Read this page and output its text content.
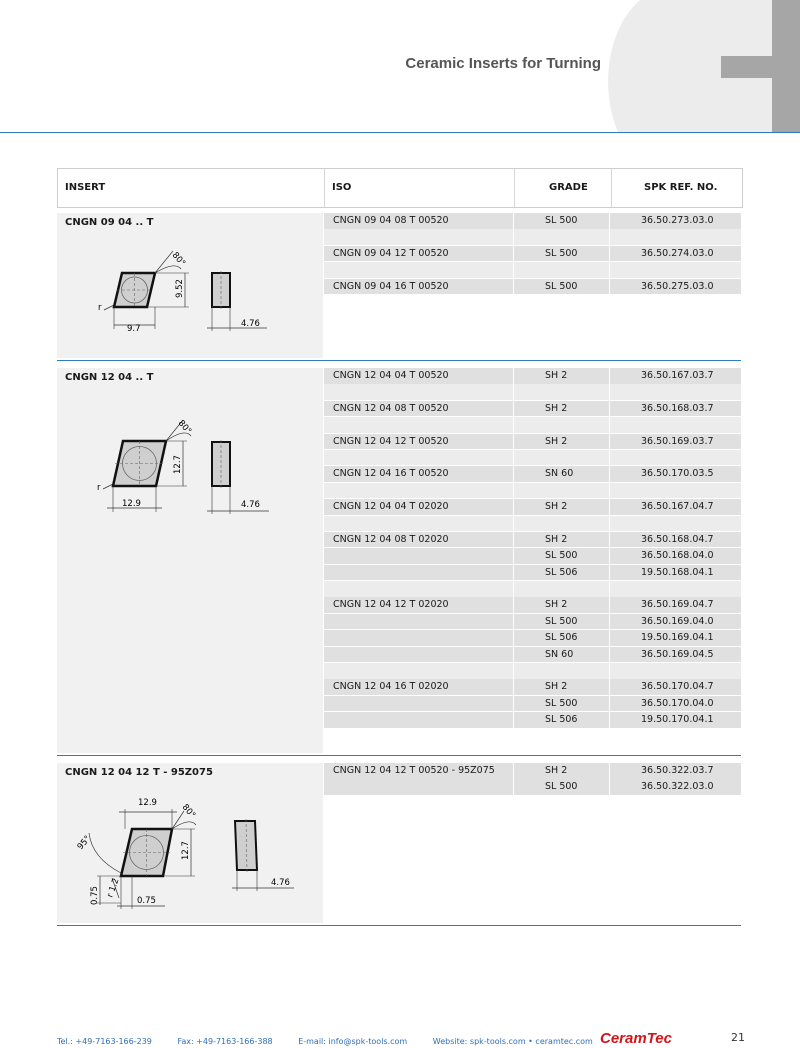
Ceramic Inserts for Turning
INSERT	ISO	GRADE	SPK REF. NO.
CNGN 09 04 .. T
80°
9.52
9.7
r
4.76
CNGN 09 04 08 T 00520	SL 500	36.50.273.03.0
CNGN 09 04 12 T 00520	SL 500	36.50.274.03.0
CNGN 09 04 16 T 00520	SL 500	36.50.275.03.0
CNGN 12 04 .. T
80°
12.7
12.9
r
4.76
CNGN 12 04 04 T 00520	SH 2	36.50.167.03.7
CNGN 12 04 08 T 00520	SH 2	36.50.168.03.7
CNGN 12 04 12 T 00520	SH 2	36.50.169.03.7
CNGN 12 04 16 T 00520	SN 60	36.50.170.03.5
CNGN 12 04 04 T 02020	SH 2	36.50.167.04.7
CNGN 12 04 08 T 02020	SH 2	36.50.168.04.7
SL 500	36.50.168.04.0
SL 506	19.50.168.04.1
CNGN 12 04 12 T 02020	SH 2	36.50.169.04.7
SL 500	36.50.169.04.0
SL 506	19.50.169.04.1
SN 60	36.50.169.04.5
CNGN 12 04 16 T 02020	SH 2	36.50.170.04.7
SL 500	36.50.170.04.0
SL 506	19.50.170.04.1
CNGN 12 04 12 T - 95Z075
12.9	80°
12.7
95°
0.75 r 1.2
0.75
4.76
CNGN 12 04 12 T 00520 - 95Z075	SH 2	36.50.322.03.7
SL 500	36.50.322.03.0
Tel.: +49-7163-166-239	Fax: +49-7163-166-388	E-mail: info@spk-tools.com	Website: spk-tools.com • ceramtec.com CeramTec	21
